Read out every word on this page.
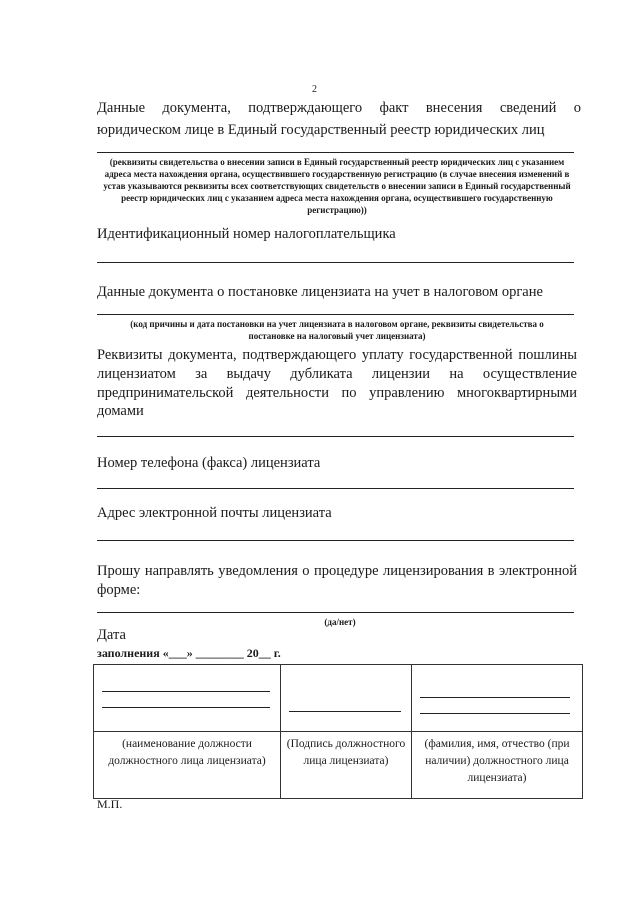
2
Данные документа, подтверждающего факт внесения сведений о
юридическом лице в Единый государственный реестр юридических лиц
(реквизиты свидетельства о внесении записи в Единый государственный реестр юридических лиц с указанием адреса места нахождения органа, осуществившего государственную регистрацию (в случае внесения изменений в устав указываются реквизиты всех соответствующих свидетельств о внесении записи в Единый государственный реестр юридических лиц с указанием адреса места нахождения органа, осуществившего государственную регистрацию))
Идентификационный номер налогоплательщика
Данные документа о постановке лицензиата на учет в налоговом органе
(код причины и дата постановки на учет лицензиата в налоговом органе, реквизиты свидетельства о постановке на налоговый учет лицензиата)
Реквизиты документа, подтверждающего уплату государственной пошлины
лицензиатом за выдачу дубликата лицензии на осуществление
предпринимательской деятельности по управлению многоквартирными
домами
Номер телефона (факса) лицензиата
Адрес электронной почты лицензиата
Прошу направлять уведомления о процедуре лицензирования в электронной
форме:
(да/нет)
Дата
заполнения «___» ________ 20__ г.

(наименование должности должностного лица лицензиата)	(Подпись должностного лица лицензиата)	(фамилия, имя, отчество (при наличии) должностного лица лицензиата)
М.П.
